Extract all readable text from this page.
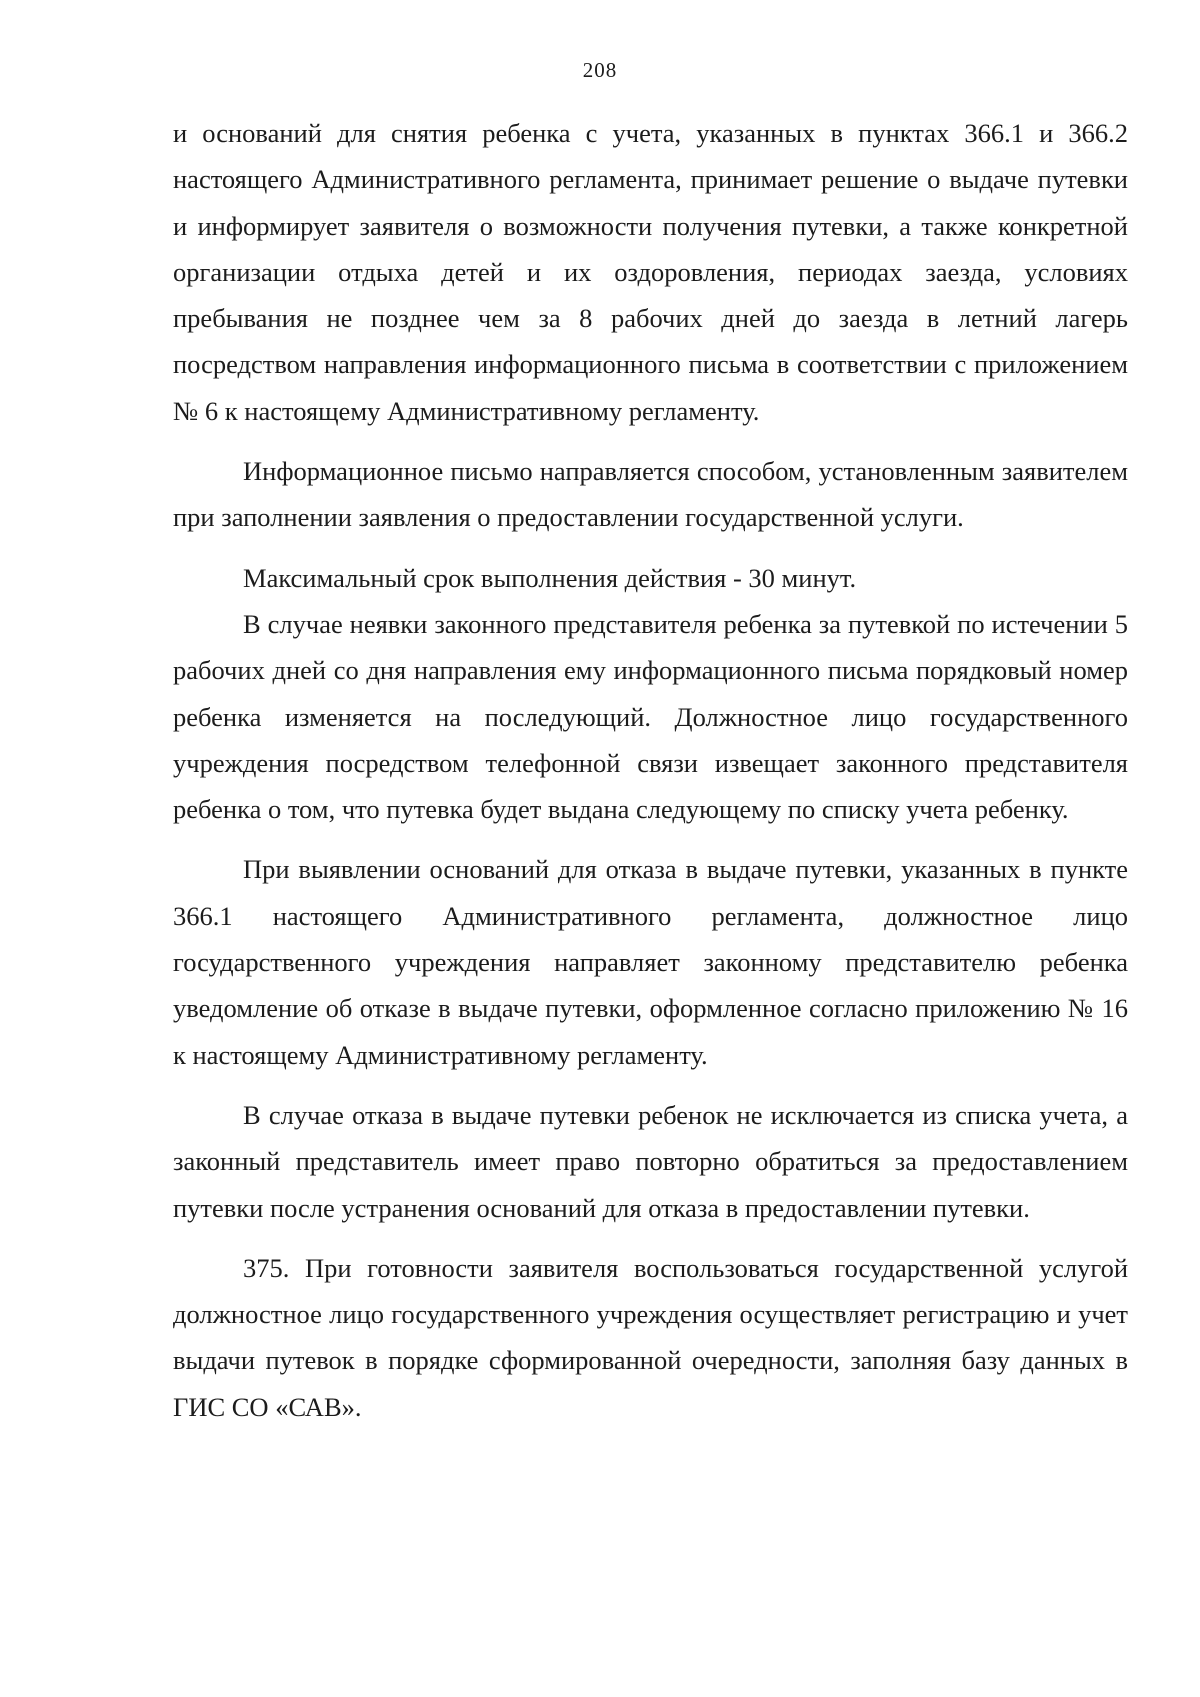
208

и оснований для снятия ребенка с учета, указанных в пунктах 366.1 и 366.2 настоящего Административного регламента, принимает решение о выдаче путевки и информирует заявителя о возможности получения путевки, а также конкретной организации отдыха детей и их оздоровления, периодах заезда, условиях пребывания не позднее чем за 8 рабочих дней до заезда в летний лагерь посредством направления информационного письма в соответствии с приложением № 6 к настоящему Административному регламенту.

Информационное письмо направляется способом, установленным заявителем при заполнении заявления о предоставлении государственной услуги.

Максимальный срок выполнения действия - 30 минут.

В случае неявки законного представителя ребенка за путевкой по истечении 5 рабочих дней со дня направления ему информационного письма порядковый номер ребенка изменяется на последующий. Должностное лицо государственного учреждения посредством телефонной связи извещает законного представителя ребенка о том, что путевка будет выдана следующему по списку учета ребенку.

При выявлении оснований для отказа в выдаче путевки, указанных в пункте 366.1 настоящего Административного регламента, должностное лицо государственного учреждения направляет законному представителю ребенка уведомление об отказе в выдаче путевки, оформленное согласно приложению № 16 к настоящему Административному регламенту.

В случае отказа в выдаче путевки ребенок не исключается из списка учета, а законный представитель имеет право повторно обратиться за предоставлением путевки после устранения оснований для отказа в предоставлении путевки.

375. При готовности заявителя воспользоваться государственной услугой должностное лицо государственного учреждения осуществляет регистрацию и учет выдачи путевок в порядке сформированной очередности, заполняя базу данных в ГИС СО «САВ».
